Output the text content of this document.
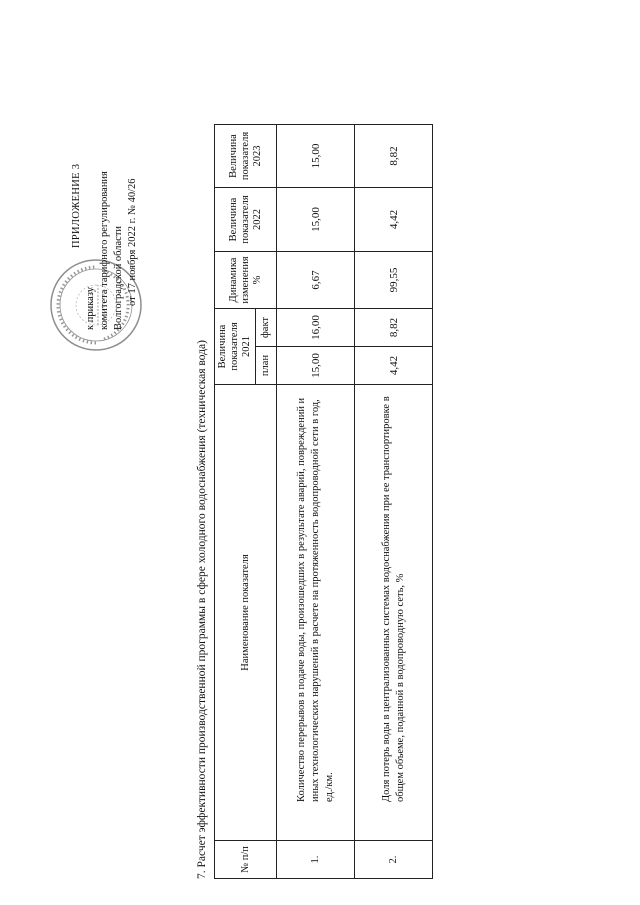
ПРИЛОЖЕНИЕ 3
к приказу комитета тарифного регулирования Волгоградской области от 17 ноября 2022 г. № 40/26
7. Расчет эффективности производственной программы в сфере холодного водоснабжения (техническая вода)	№ п/п	Наименование показателя	Величина показателя 2021		Динамика изменения %	Величина показателя 2022	Величина показателя 2023
		план	факт			
1.	Количество перерывов в подаче воды, произошедших в результате аварий, повреждений и иных технологических нарушений в расчете на протяженность водопроводной сети в год, ед./км.	15,00	16,00	6,67	15,00	15,00
2.	Доля потерь воды в централизованных системах водоснабжения при ее транспортировке в общем объеме, поданной в водопроводную сеть, %	4,42	8,82	99,55	4,42	8,82
